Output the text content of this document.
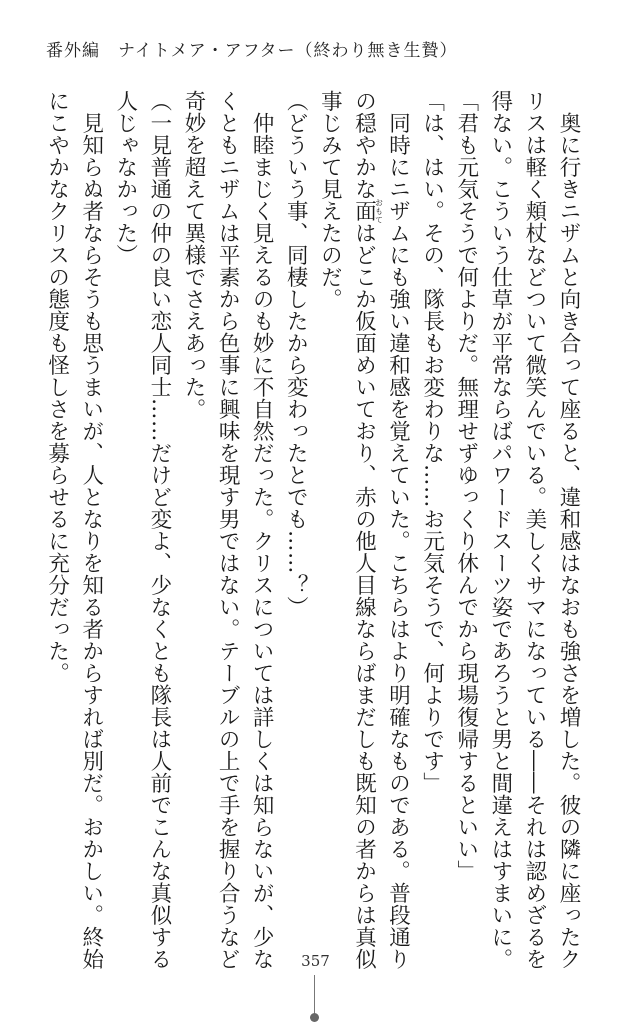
番外編　ナイトメア・アフター（終わり無き生贄）

奥に行きニザムと向き合って座ると、違和感はなおも強さを増した。彼の隣に座ったクリスは軽く頬杖などついて微笑んでいる。美しくサマになっている――それは認めざるを得ない。こういう仕草が平常ならばパワードスーツ姿であろうと男と間違えはすまいに。

「君も元気そうで何よりだ。無理せずゆっくり休んでから現場復帰するといい」

「は、はい。その、隊長もお変わりな……お元気そうで、何よりです」

同時にニザムにも強い違和感を覚えていた。こちらはより明確なものである。普段通りの穏やかな面おもてはどこか仮面めいており、赤の他人目線ならばまだしも既知の者からは真似事じみて見えたのだ。

（どういう事、同棲したから変わったとでも……？）

仲睦まじく見えるのも妙に不自然だった。クリスについては詳しくは知らないが、少なくともニザムは平素から色事に興味を現す男ではない。テーブルの上で手を握り合うなど奇妙を超えて異様でさえあった。

（一見普通の仲の良い恋人同士……だけど変よ、少なくとも隊長は人前でこんな真似する人じゃなかった）

見知らぬ者ならそうも思うまいが、人となりを知る者からすれば別だ。おかしい。終始にこやかなクリスの態度も怪しさを募らせるに充分だった。

357
